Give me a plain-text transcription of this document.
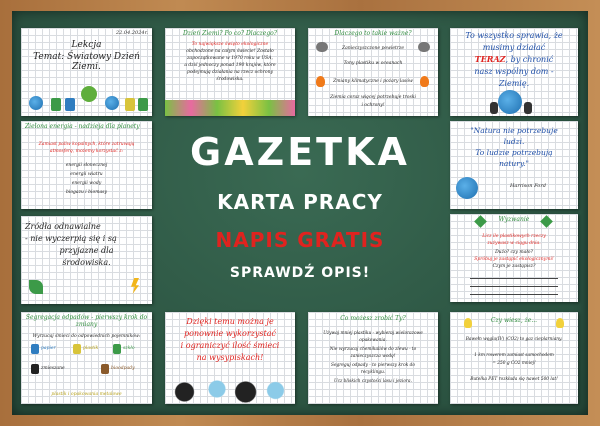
GAZETKA
KARTA PRACY
NAPIS GRATIS
SPRAWDŹ OPIS!
22.04.2024r.
Lekcja
Temat: Światowy Dzień Ziemi.
Dzień Ziemi? Po co? Dlaczego?
To największe święto ekologiczne
obchodzone na całym świecie! Zostało
zapoczątkowane w 1970 roku w USA,
a dziś jednoczy ponad 190 krajów, które
podejmują działania na rzecz ochrony
środowiska.
Dlaczego to takie ważne?
Zanieczyszczone powietrze
Tony plastiku w oceanach
Zmiany klimatyczne i pożary lasów
Ziemia coraz więcej potrzebuje troski
i ochrony!
To wszystko sprawia, że
musimy działać
TERAZ, by chronić
nasz wspólny dom -
Ziemię.
Zielona energia - nadzieja dla planety
Zamiast paliw kopalnych, które zatruwają
atmosferę, możemy korzystać z:
energii słonecznej
energii wiatru
energii wody
biogazu i biomasy
"Natura nie potrzebuje
ludzi.
To ludzie potrzebują
natury."
Harrison Ford
Źródła odnawialne
- nie wyczerpią się i są
przyjazne dla
środowiska.
Wyzwanie
Licz ile plastikowych rzeczy
zużywasz w ciągu dnia.
Dużo? czy mało?
Spróbuj je zastąpić ekologicznymi!
Czym je zastąpisz?
Segregacja odpadów - pierwszy krok do zmiany
Wyrzucaj śmieci do odpowiednich pojemników:
papier	plastik	szkło
zmieszane	bioodpady
plastik i opakowania metalowe
Dzięki temu można je
ponownie wykorzystać
i ograniczyć ilość śmieci
na wysypiskach!
Co możesz zrobić Ty?
Używaj mniej plastiku - wybieraj wielorazowe
opakowania.
Nie wyrzucaj chemikaliów do zlewu - to
zanieczyszcza wodę!
Segreguj odpady - to pierwszy krok do
recyklingu.
Ucz bliskich czystości lasu i jeziora.
Czy wiesz, że...
Bawełn węgla(IV) (CO2) to gaz cieplarniany.
1 km rowerem zamiast samochodem
= 250 g CO2 mniej!
Butelka PET rozkłada się nawet 500 lat!
